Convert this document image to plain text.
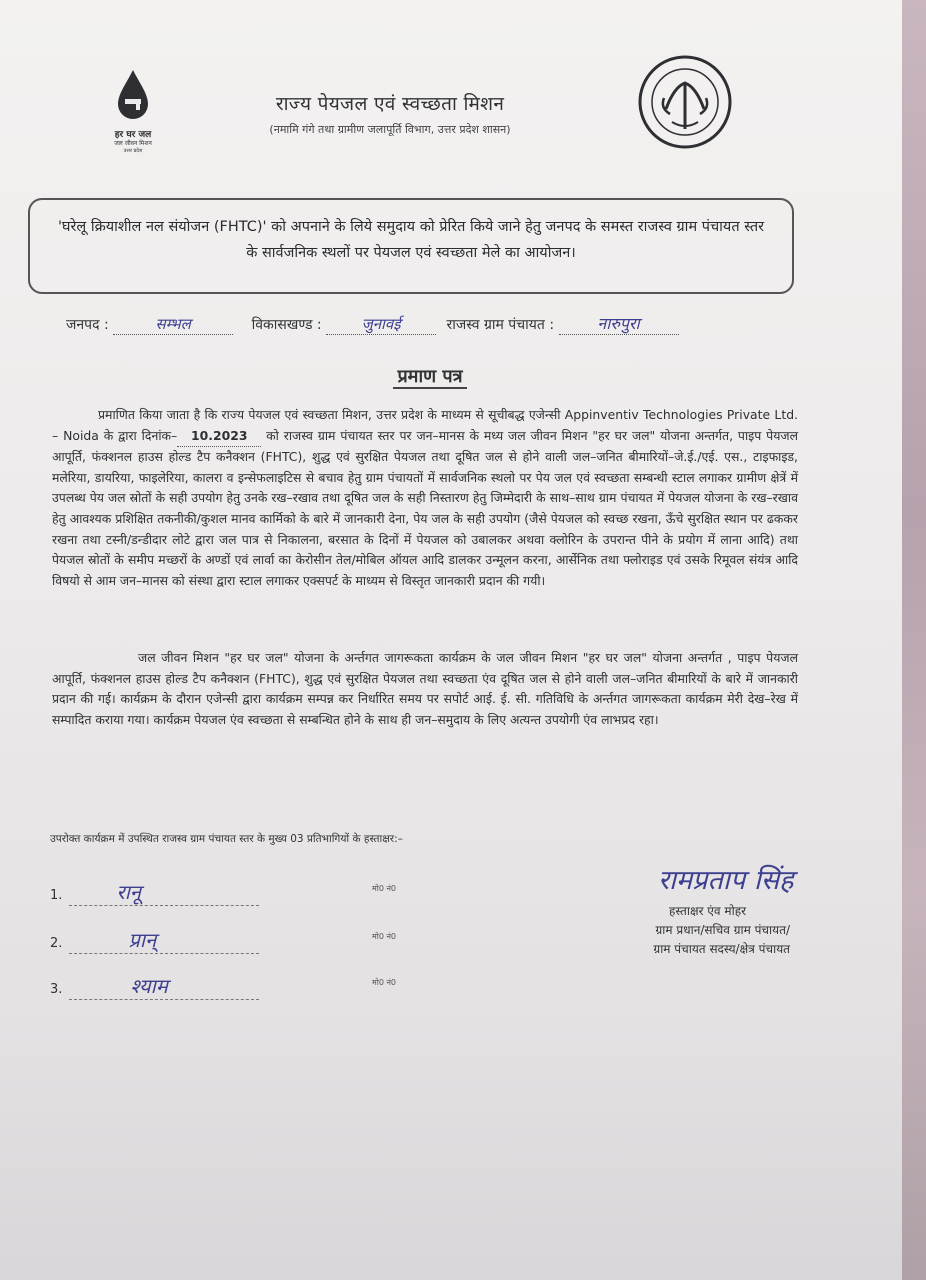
हर घर जल
जल जीवन मिशन
उत्तर प्रदेश
राज्य पेयजल एवं स्वच्छता मिशन
(नमामि गंगे तथा ग्रामीण जलापूर्ति विभाग, उत्तर प्रदेश शासन)
'घरेलू क्रियाशील नल संयोजन (FHTC)' को अपनाने के लिये समुदाय को प्रेरित किये जाने हेतु जनपद के समस्त राजस्व ग्राम पंचायत स्तर के सार्वजनिक स्थलों पर पेयजल एवं स्वच्छता मेले का आयोजन।
जनपद :	सम्भल	विकासखण्ड :	जुनावई	राजस्व ग्राम पंचायत :	नारुपुरा
प्रमाण पत्र
प्रमाणित किया जाता है कि राज्य पेयजल एवं स्वच्छता मिशन, उत्तर प्रदेश के माध्यम से सूचीबद्ध एजेन्सी Appinventiv Technologies Private Ltd. – Noida के द्वारा दिनांक– 10.2023 को राजस्व ग्राम पंचायत स्तर पर जन–मानस के मध्य जल जीवन मिशन "हर घर जल" योजना अन्तर्गत, पाइप पेयजल आपूर्ति, फंक्शनल हाउस होल्ड टैप कनैक्शन (FHTC), शुद्ध एवं सुरक्षित पेयजल तथा दूषित जल से होने वाली जल–जनित बीमारियों–जे.ई./एई. एस., टाइफाइड, मलेरिया, डायरिया, फाइलेरिया, कालरा व इन्सेफलाइटिस से बचाव हेतु ग्राम पंचायतों में सार्वजनिक स्थलो पर पेय जल एवं स्वच्छता सम्बन्धी स्टाल लगाकर ग्रामीण क्षेत्रें में उपलब्ध पेय जल स्रोतों के सही उपयोग हेतु उनके रख–रखाव तथा दूषित जल के सही निस्तारण हेतु जिम्मेदारी के साथ–साथ ग्राम पंचायत में पेयजल योजना के रख–रखाव हेतु आवश्यक प्रशिक्षित तकनीकी/कुशल मानव कार्मिको के बारे में जानकारी देना, पेय जल के सही उपयोग (जैसे पेयजल को स्वच्छ रखना, ऊँचे सुरक्षित स्थान पर ढककर रखना तथा टस्नी/डन्डीदार लोटे द्वारा जल पात्र से निकालना, बरसात के दिनों में पेयजल को उबालकर अथवा क्लोरिन के उपरान्त पीने के प्रयोग में लाना आदि) तथा पेयजल स्रोतों के समीप मच्छरों के अण्डों एवं लार्वा का केरोसीन तेल/मोबिल ऑयल आदि डालकर उन्मूलन करना, आर्सेनिक तथा फ्लोराइड एवं उसके रिमूवल संयंत्र आदि विषयो से आम जन–मानस को संस्था द्वारा स्टाल लगाकर एक्सपर्ट के माध्यम से विस्तृत जानकारी प्रदान की गयी।
जल जीवन मिशन "हर घर जल" योजना के अर्न्तगत जागरूकता कार्यक्रम के जल जीवन मिशन "हर घर जल" योजना अन्तर्गत , पाइप पेयजल आपूर्ति, फंक्शनल हाउस होल्ड टैप कनैक्शन (FHTC), शुद्ध एवं सुरक्षित पेयजल तथा स्वच्छता एंव दूषित जल से होने वाली जल–जनित बीमारियों के बारे में जानकारी प्रदान की गई। कार्यक्रम के दौरान एजेन्सी द्वारा कार्यक्रम सम्पन्न कर निर्धारित समय पर सपोर्ट आई. ई. सी. गतिविधि के अर्न्तगत जागरूकता कार्यक्रम मेरी देख–रेख में सम्पादित कराया गया। कार्यक्रम पेयजल एंव स्वच्छता से सम्बन्धित होने के साथ ही जन–समुदाय के लिए अत्यन्त उपयोगी एंव लाभप्रद रहा।
उपरोक्त कार्यक्रम में उपस्थित राजस्व ग्राम पंचायत स्तर के मुख्य 03 प्रतिभागियों के हस्ताक्षर:–
1.	रानू	मो0 नं0
2.	प्रान्	मो0 नं0
3.	श्याम	मो0 नं0
रामप्रताप सिंह
हस्ताक्षर एंव मोहर
ग्राम प्रधान/सचिव ग्राम पंचायत/
ग्राम पंचायत सदस्य/क्षेत्र पंचायत
